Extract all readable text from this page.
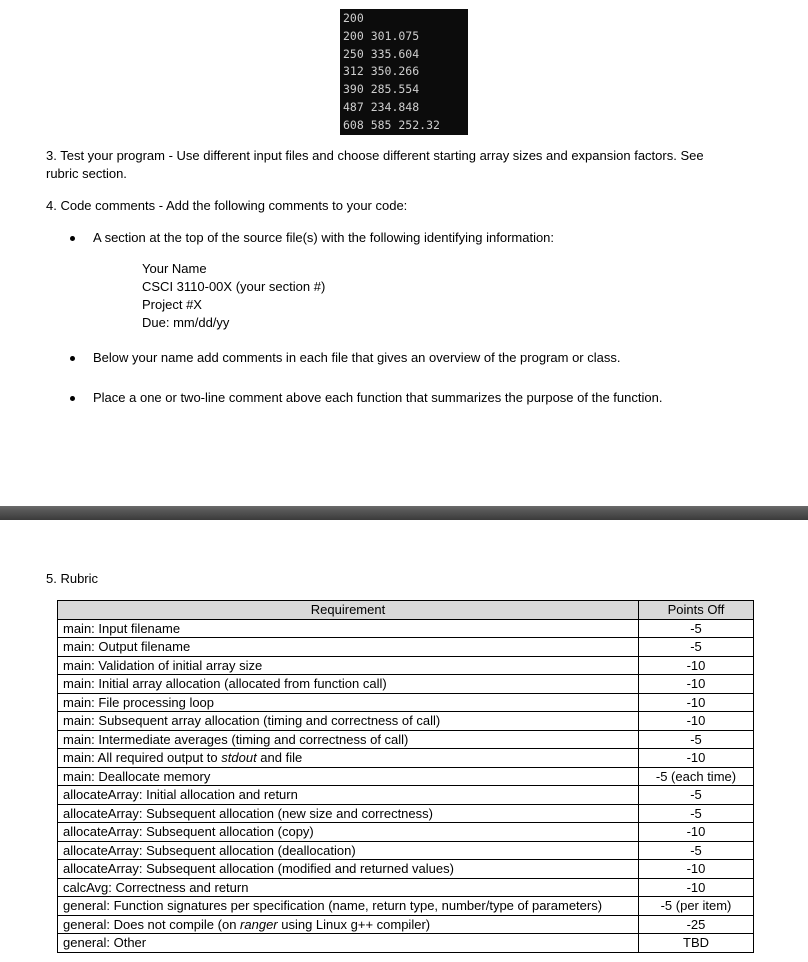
200
200 301.075
250 335.604
312 350.266
390 285.554
487 234.848
608 585 252.32
3. Test your program - Use different input files and choose different starting array sizes and expansion factors. See
rubric section.
4. Code comments - Add the following comments to your code:
A section at the top of the source file(s) with the following identifying information:
Your Name
CSCI 3110-00X (your section #)
Project #X
Due: mm/dd/yy
Below your name add comments in each file that gives an overview of the program or class.
Place a one or two-line comment above each function that summarizes the purpose of the function.
5. Rubric
Requirement	Points Off
main: Input filename	-5
main: Output filename	-5
main: Validation of initial array size	-10
main: Initial array allocation (allocated from function call)	-10
main: File processing loop	-10
main: Subsequent array allocation (timing and correctness of call)	-10
main: Intermediate averages (timing and correctness of call)	-5
main: All required output to stdout and file	-10
main: Deallocate memory	-5 (each time)
allocateArray: Initial allocation and return	-5
allocateArray: Subsequent allocation (new size and correctness)	-5
allocateArray: Subsequent allocation (copy)	-10
allocateArray: Subsequent allocation (deallocation)	-5
allocateArray: Subsequent allocation (modified and returned values)	-10
calcAvg: Correctness and return	-10
general: Function signatures per specification (name, return type, number/type of parameters)	-5 (per item)
general: Does not compile (on ranger using Linux g++ compiler)	-25
general: Other	TBD
